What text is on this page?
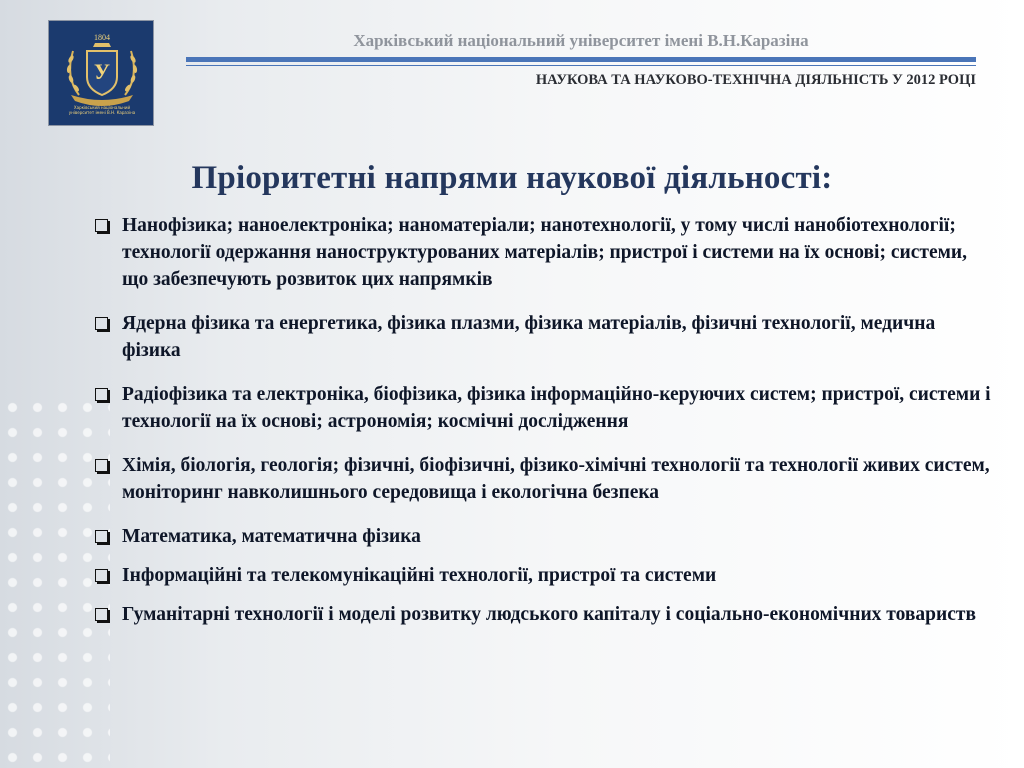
1804
У
Харківський національний університет імені В.Н. Каразіна
Харківський національний університет імені В.Н.Каразіна
НАУКОВА ТА НАУКОВО-ТЕХНІЧНА ДІЯЛЬНІСТЬ У 2012 РОЦІ
Пріоритетні напрями наукової діяльності:
Нанофізика; наноелектроніка; наноматеріали; нанотехнології, у тому числі нанобіотехнології; технології одержання наноструктурованих матеріалів; пристрої і системи на їх основі; системи, що забезпечують розвиток цих напрямків
Ядерна фізика та енергетика, фізика плазми, фізика матеріалів, фізичні технології, медична фізика
Радіофізика та електроніка, біофізика, фізика інформаційно-керуючих систем; пристрої, системи і технології на їх основі; астрономія; космічні дослідження
Хімія, біологія, геологія; фізичні, біофізичні, фізико-хімічні технології та технології живих систем, моніторинг навколишнього середовища і екологічна безпека
Математика, математична фізика
Інформаційні та телекомунікаційні технології, пристрої та системи
Гуманітарні технології і моделі розвитку людського капіталу і соціально-економічних товариств
